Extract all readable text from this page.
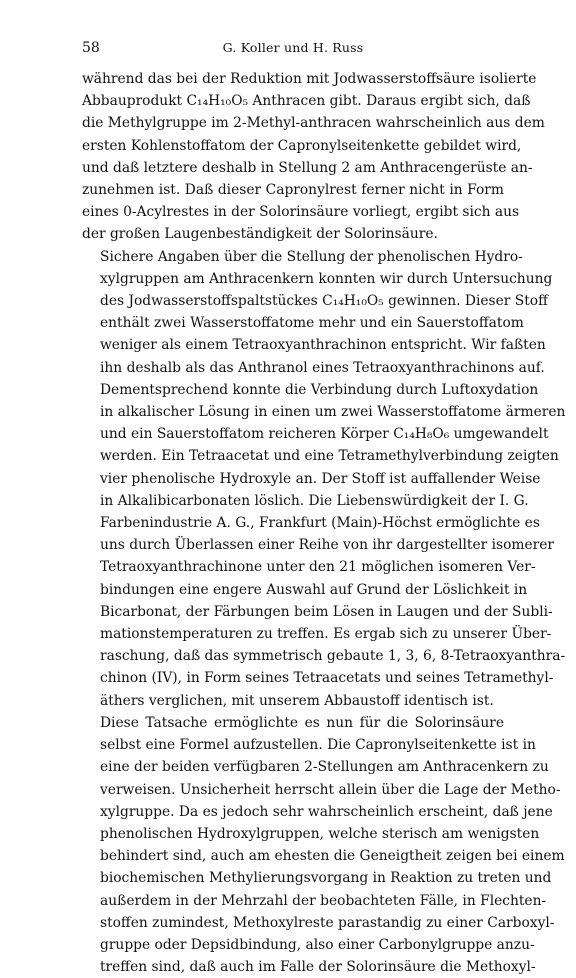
58	G. Koller und H. Russ
während das bei der Reduktion mit Jodwasserstoffsäure isolierte
Abbauprodukt C₁₄H₁₀O₅ Anthracen gibt. Daraus ergibt sich, daß
die Methylgruppe im 2-Methyl-anthracen wahrscheinlich aus dem
ersten Kohlenstoffatom der Capronylseitenkette gebildet wird,
und daß letztere deshalb in Stellung 2 am Anthracengerüste an-
zunehmen ist. Daß dieser Capronylrest ferner nicht in Form
eines 0-Acylrestes in der Solorinsäure vorliegt, ergibt sich aus
der großen Laugenbeständigkeit der Solorinsäure.
Sichere Angaben über die Stellung der phenolischen Hydro-
xylgruppen am Anthracenkern konnten wir durch Untersuchung
des Jodwasserstoffspaltstückes C₁₄H₁₀O₅ gewinnen. Dieser Stoff
enthält zwei Wasserstoffatome mehr und ein Sauerstoffatom
weniger als einem Tetraoxyanthrachinon entspricht. Wir faßten
ihn deshalb als das Anthranol eines Tetraoxyanthrachinons auf.
Dementsprechend konnte die Verbindung durch Luftoxydation
in alkalischer Lösung in einen um zwei Wasserstoffatome ärmeren
und ein Sauerstoffatom reicheren Körper C₁₄H₈O₆ umgewandelt
werden. Ein Tetraacetat und eine Tetramethylverbindung zeigten
vier phenolische Hydroxyle an. Der Stoff ist auffallender Weise
in Alkalibicarbonaten löslich. Die Liebenswürdigkeit der I. G.
Farbenindustrie A. G., Frankfurt (Main)-Höchst ermöglichte es
uns durch Überlassen einer Reihe von ihr dargestellter isomerer
Tetraoxyanthrachinone unter den 21 möglichen isomeren Ver-
bindungen eine engere Auswahl auf Grund der Löslichkeit in
Bicarbonat, der Färbungen beim Lösen in Laugen und der Subli-
mationstemperaturen zu treffen. Es ergab sich zu unserer Über-
raschung, daß das symmetrisch gebaute 1, 3, 6, 8-Tetraoxyanthra-
chinon (IV), in Form seines Tetraacetats und seines Tetramethyl-
äthers verglichen, mit unserem Abbaustoff identisch ist.
Diese Tatsache ermöglichte es nun für die Solorinsäure
selbst eine Formel aufzustellen. Die Capronylseitenkette ist in
eine der beiden verfügbaren 2-Stellungen am Anthracenkern zu
verweisen. Unsicherheit herrscht allein über die Lage der Metho-
xylgruppe. Da es jedoch sehr wahrscheinlich erscheint, daß jene
phenolischen Hydroxylgruppen, welche sterisch am wenigsten
behindert sind, auch am ehesten die Geneigtheit zeigen bei einem
biochemischen Methylierungsvorgang in Reaktion zu treten und
außerdem in der Mehrzahl der beobachteten Fälle, in Flechten-
stoffen zumindest, Methoxylreste parastandig zu einer Carboxyl-
gruppe oder Depsidbindung, also einer Carbonylgruppe anzu-
treffen sind, daß auch im Falle der Solorinsäure die Methoxyl-
